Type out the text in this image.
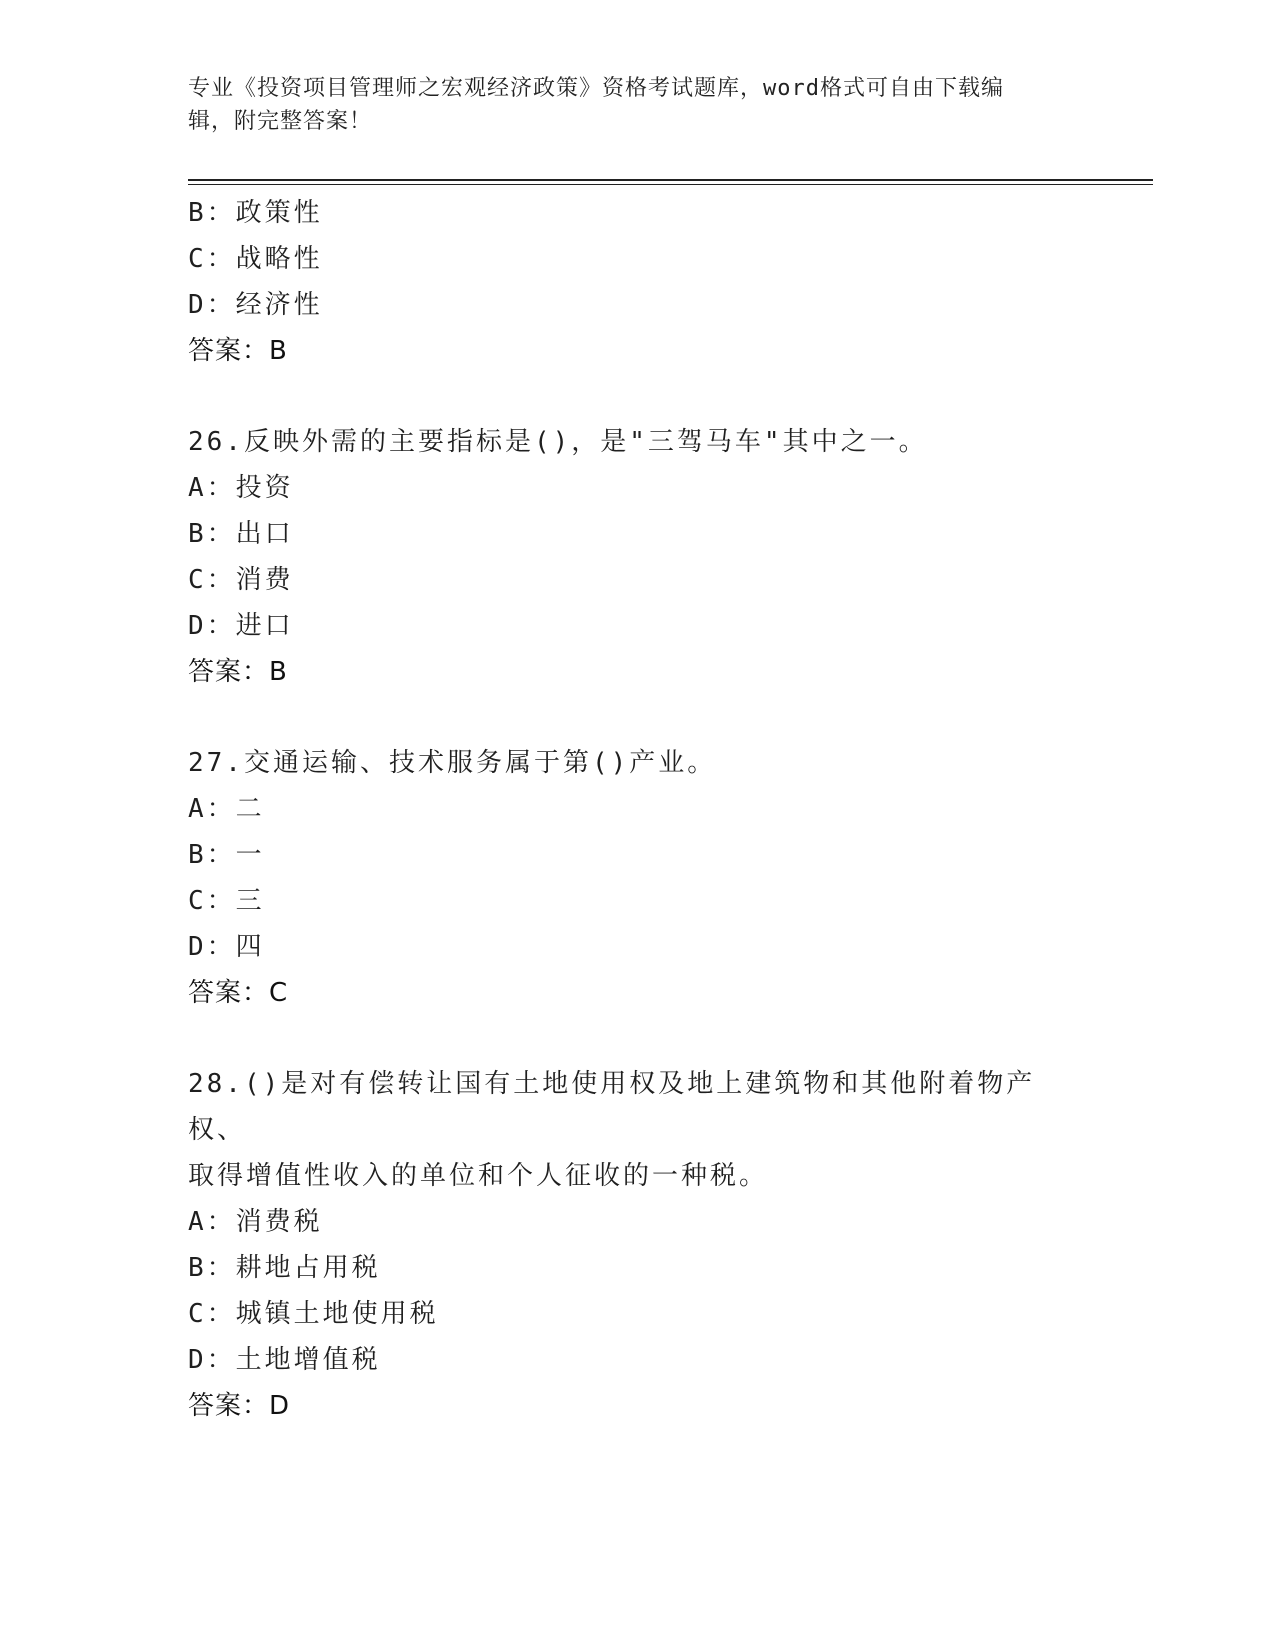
专业《投资项目管理师之宏观经济政策》资格考试题库，word格式可自由下载编
辑，附完整答案！
B：政策性
C：战略性
D：经济性
答案：B
26.反映外需的主要指标是()，是"三驾马车"其中之一。
A：投资
B：出口
C：消费
D：进口
答案：B
27.交通运输、技术服务属于第()产业。
A：二
B：一
C：三
D：四
答案：C
28.()是对有偿转让国有土地使用权及地上建筑物和其他附着物产权、
取得增值性收入的单位和个人征收的一种税。
A：消费税
B：耕地占用税
C：城镇土地使用税
D：土地增值税
答案：D
